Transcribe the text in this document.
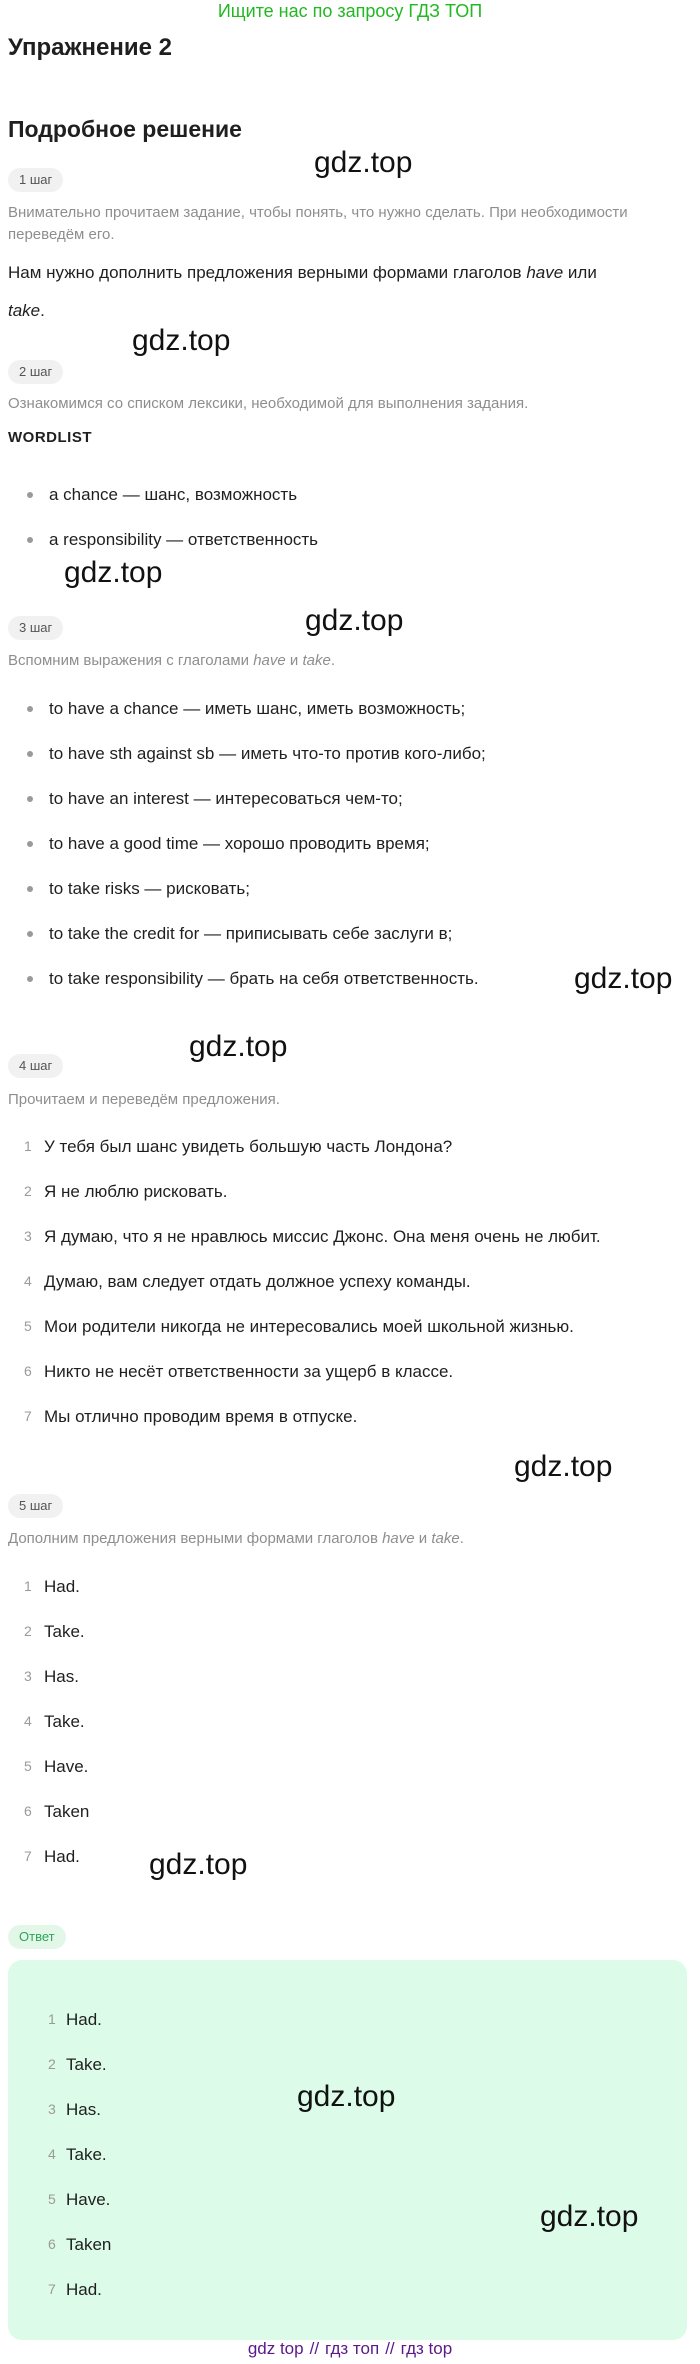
Ищите нас по запросу ГДЗ ТОП
Упражнение 2
Подробное решение
gdz.top
gdz.top
gdz.top
gdz.top
gdz.top
gdz.top
gdz.top
gdz.top
1 шаг
Внимательно прочитаем задание, чтобы понять, что нужно сделать. При необходимости переведём его.
Нам нужно дополнить предложения верными формами глаголов have или
take.
2 шаг
Ознакомимся со списком лексики, необходимой для выполнения задания.
WORDLIST
a chance — шанс, возможность
a responsibility — ответственность
3 шаг
Вспомним выражения с глаголами have и take.
to have a chance — иметь шанс, иметь возможность;
to have sth against sb — иметь что-то против кого-либо;
to have an interest — интересоваться чем-то;
to have a good time — хорошо проводить время;
to take risks — рисковать;
to take the credit for — приписывать себе заслуги в;
to take responsibility — брать на себя ответственность.
4 шаг
Прочитаем и переведём предложения.
1 У тебя был шанс увидеть большую часть Лондона?
2 Я не люблю рисковать.
3 Я думаю, что я не нравлюсь миссис Джонс. Она меня очень не любит.
4 Думаю, вам следует отдать должное успеху команды.
5 Мои родители никогда не интересовались моей школьной жизнью.
6 Никто не несёт ответственности за ущерб в классе.
7 Мы отлично проводим время в отпуске.
5 шаг
Дополним предложения верными формами глаголов have и take.
1 Had.
2 Take.
3 Has.
4 Take.
5 Have.
6 Taken
7 Had.
Ответ
1 Had.
2 Take.
3 Has.
4 Take.
5 Have.
6 Taken
7 Had.
gdz.top
gdz.top
gdz top // гдз топ // гдз top
